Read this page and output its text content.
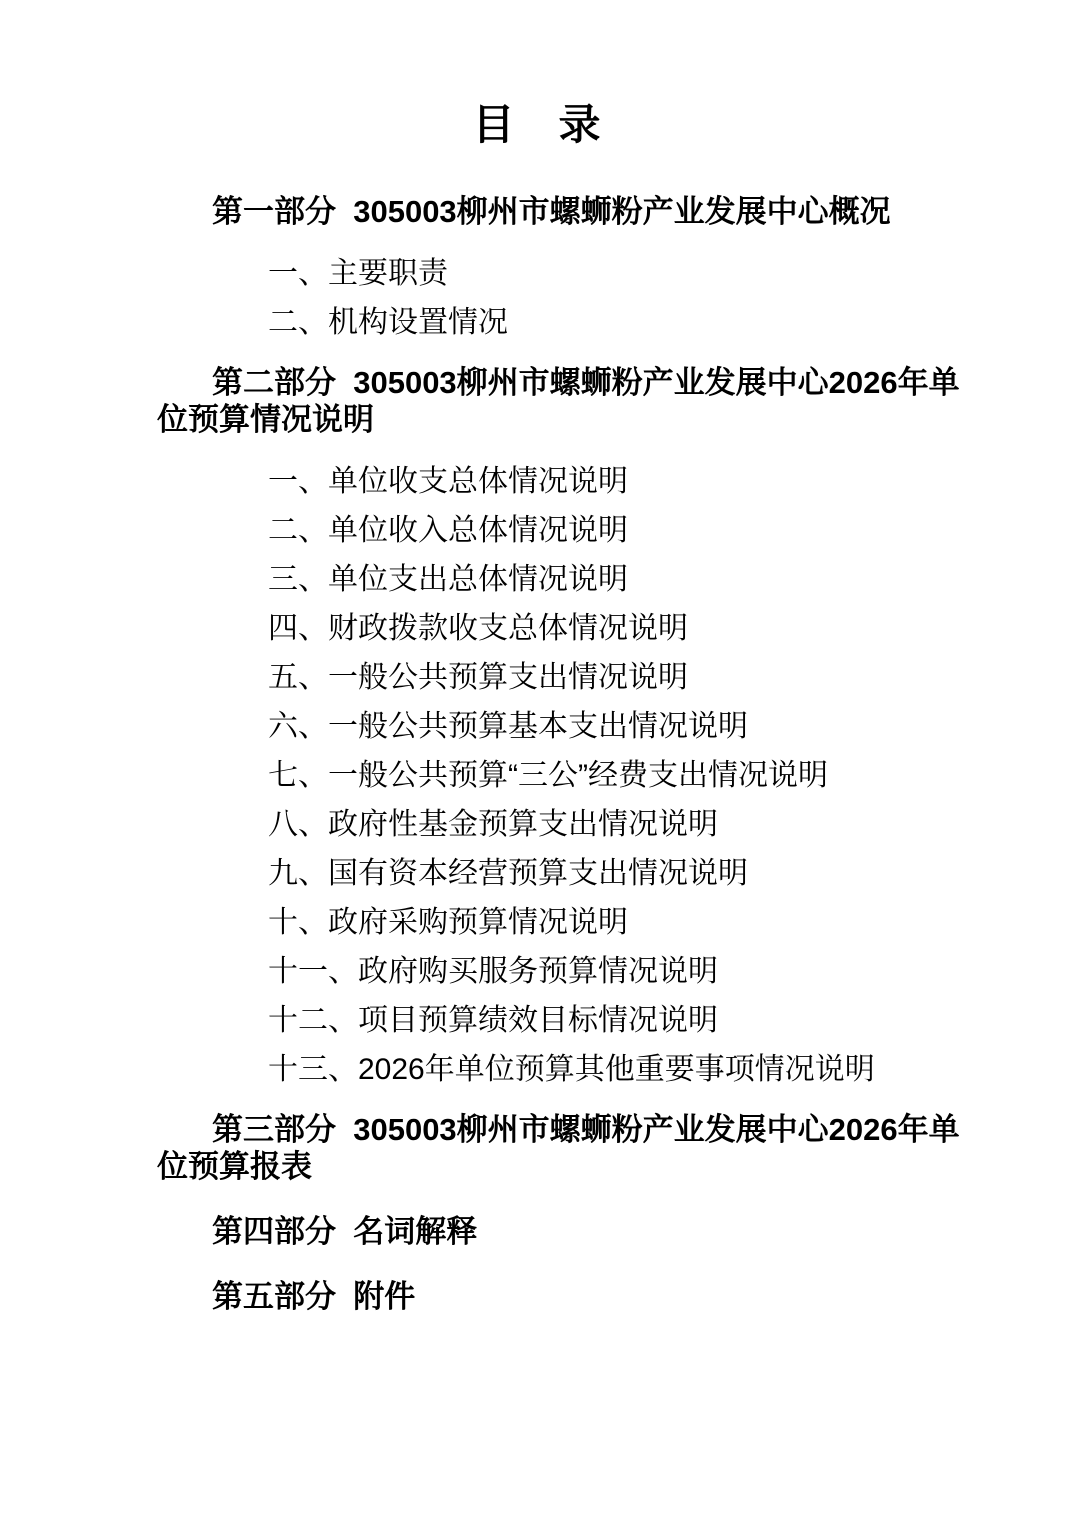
目　录
第一部分  305003柳州市螺蛳粉产业发展中心概况

一、主要职责

二、机构设置情况

第二部分  305003柳州市螺蛳粉产业发展中心2026年单位预算情况说明

一、单位收支总体情况说明

二、单位收入总体情况说明

三、单位支出总体情况说明

四、财政拨款收支总体情况说明

五、一般公共预算支出情况说明

六、一般公共预算基本支出情况说明

七、一般公共预算“三公”经费支出情况说明

八、政府性基金预算支出情况说明

九、国有资本经营预算支出情况说明

十、政府采购预算情况说明

十一、政府购买服务预算情况说明

十二、项目预算绩效目标情况说明

十三、2026年单位预算其他重要事项情况说明

第三部分  305003柳州市螺蛳粉产业发展中心2026年单位预算报表
第四部分  名词解释
第五部分  附件
